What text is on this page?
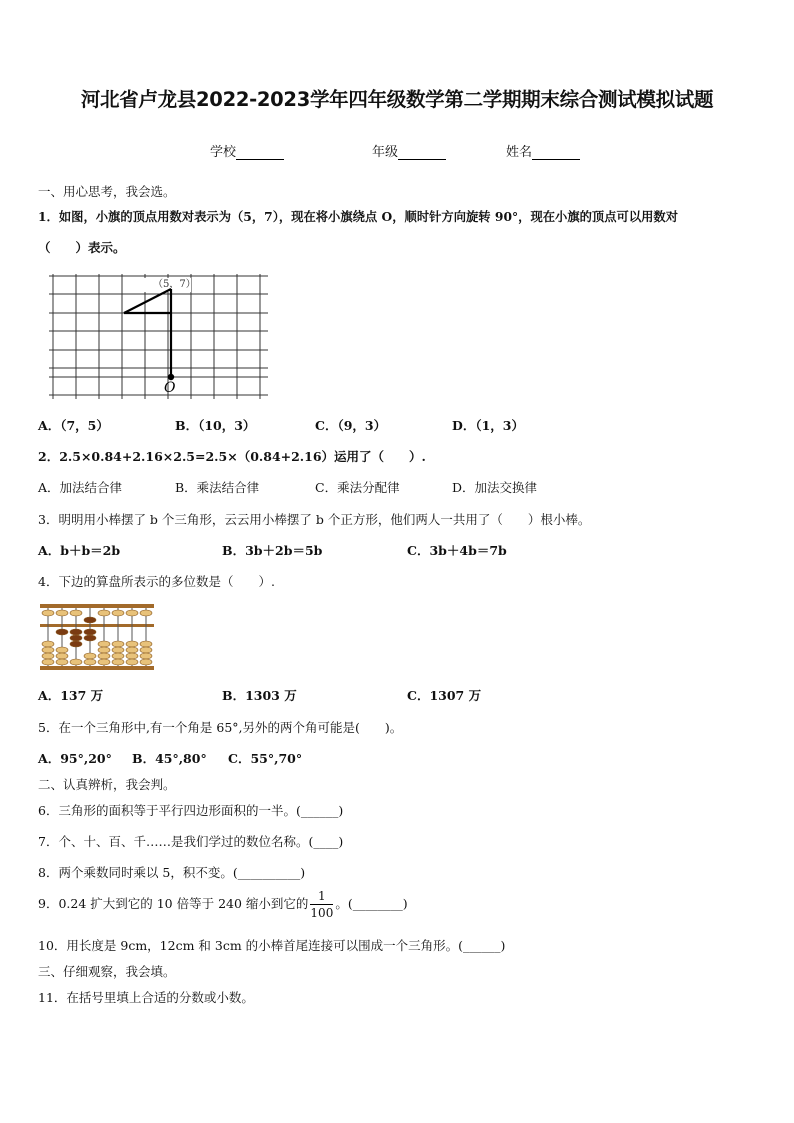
河北省卢龙县2022-2023学年四年级数学第二学期期末综合测试模拟试题
学校	年级	姓名
一、用心思考，我会选。
1．如图，小旗的顶点用数对表示为（5，7），现在将小旗绕点 O，顺时针方向旋转 90°，现在小旗的顶点可以用数对
（　　）表示。
（5，7）
O
A．（7，5）	B．（10，3）	C．（9，3）	D．（1，3）
2．2.5×0.84+2.16×2.5=2.5×（0.84+2.16）运用了（　　）.
A．加法结合律	B．乘法结合律	C．乘法分配律	D．加法交换律
3．明明用小棒摆了 b 个三角形，云云用小棒摆了 b 个正方形，他们两人一共用了（　　）根小棒。
A．b＋b＝2b	B．3b＋2b＝5b	C．3b＋4b＝7b
4．下边的算盘所表示的多位数是（　　）.
A．137 万	B．1303 万	C．1307 万
5．在一个三角形中,有一个角是 65°,另外的两个角可能是(　　)。
A．95°,20° B．45°,80° C．55°,70°
二、认真辨析，我会判。
6．三角形的面积等于平行四边形面积的一半。(______)
7．个、十、百、千……是我们学过的数位名称。(____)
8．两个乘数同时乘以 5，积不变。(__________)
9．0.24 扩大到它的 10 倍等于 240 缩小到它的 $\frac{1}{100}$ 。(________)
10．用长度是 9cm，12cm 和 3cm 的小棒首尾连接可以围成一个三角形。(______)
三、仔细观察，我会填。
11．在括号里填上合适的分数或小数。
